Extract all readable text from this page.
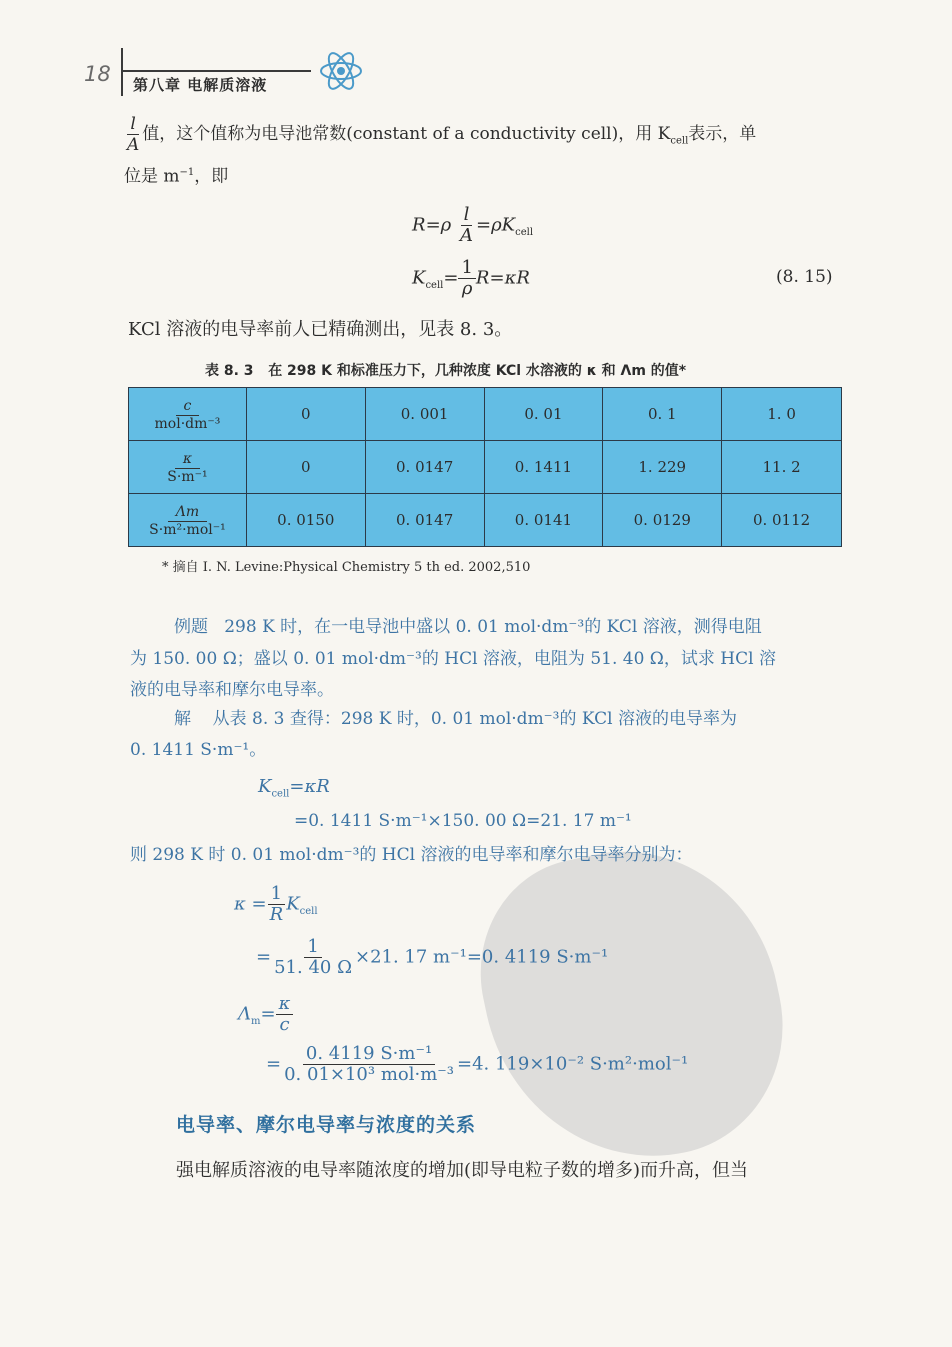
18 第八章 电解质溶液
$\frac{l}{A}$ 值，这个值称为电导池常数(constant of a conductivity cell)，用 $K_{cell}$表示，单
位是 $m^{-1}$，即
$R=\rho \frac{l}{A} =\rho K_{cell}$
$K_{cell}= \frac{1}{\rho} R=\kappa R$	(8. 15)
KCl 溶液的电导率前人已精确测出，见表 8. 3。
表 8. 3 在 298 K 和标准压力下，几种浓度 KCl 水溶液的 κ 和 Λm 的值*
c
mol·dm⁻³	0	0. 001	0. 01	0. 1	1. 0

$\frac{\kappa}{\text{S·m⁻¹}}$	0	0. 0147	0. 1411	1. 229	11. 2

Λm
S·m²·mol⁻¹	0. 0150	0. 0147	0. 0141	0. 0129	0. 0112
* 摘自 I. N. Levine:Physical Chemistry 5 th ed. 2002,510
例题 298 K 时，在一电导池中盛以 0. 01 mol·dm⁻³的 KCl 溶液，测得电阻
为 150. 00 Ω；盛以 0. 01 mol·dm⁻³的 HCl 溶液，电阻为 51. 40 Ω，试求 HCl 溶
液的电导率和摩尔电导率。
解 从表 8. 3 查得：298 K 时，0. 01 mol·dm⁻³的 KCl 溶液的电导率为
0. 1411 S·m⁻¹。
$K_{cell}=\kappa R$
=0. 1411 S·m⁻¹×150. 00 Ω=21. 17 m⁻¹
则 298 K 时 0. 01 mol·dm⁻³的 HCl 溶液的电导率和摩尔电导率分别为：
$\kappa = \frac{1}{R} K_{cell}$
= $\frac{1}{51. 40 \Omega} \times 21$. 17 m⁻¹=0. 4119 S·m⁻¹
$\Lambda_m= \frac{\kappa}{c}$
= $\frac{\text{0. 4119 S·m⁻¹}}{\text{0. 01×10³ mol·m⁻³}} =4$. 119×10⁻² S·m²·mol⁻¹
电导率、摩尔电导率与浓度的关系
强电解质溶液的电导率随浓度的增加(即导电粒子数的增多)而升高，但当
